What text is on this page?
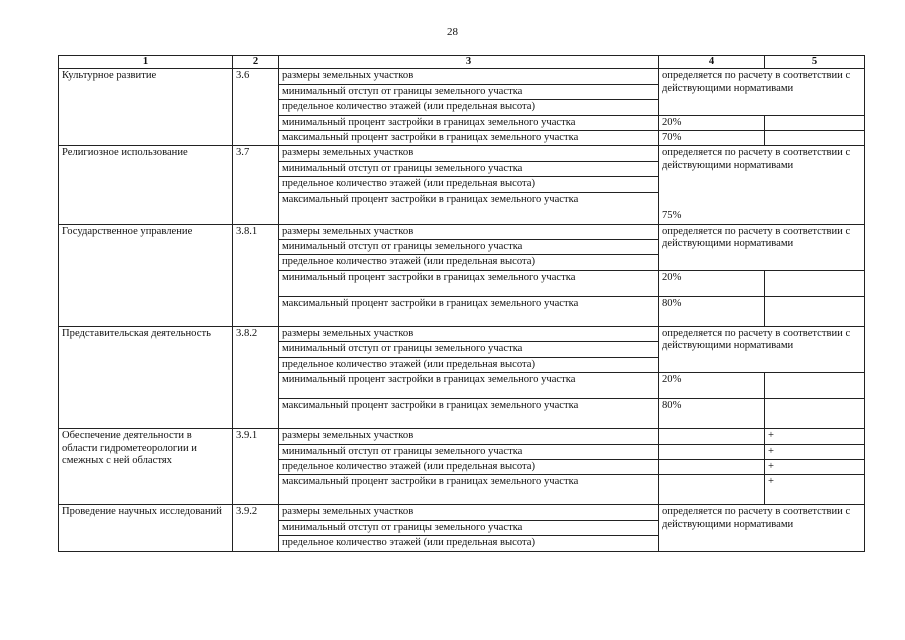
28
1	2	3	4	5
Культурное развитие	3.6	размеры земельных участков	определяется по расчету в соответствии с действующими нормативами	
		минимальный отступ от границы земельного участка		
		предельное количество этажей (или предельная высота)		
		минимальный процент застройки в границах земельного участка	20%	
		максимальный процент застройки в границах земельного участка	70%	
Религиозное использование	3.7	размеры земельных участков	определяется по расчету в соответствии с действующими нормативами	
		минимальный отступ от границы земельного участка		
		предельное количество этажей (или предельная высота)		
		максимальный процент застройки в границах земельного участка	75%	
Государственное управление	3.8.1	размеры земельных участков	определяется по расчету в соответствии с действующими нормативами	
		минимальный отступ от границы земельного участка		
		предельное количество этажей (или предельная высота)		
		минимальный процент застройки в границах земельного участка	20%	
		максимальный процент застройки в границах земельного участка	80%	
Представительская деятельность	3.8.2	размеры земельных участков	определяется по расчету в соответствии с действующими нормативами	
		минимальный отступ от границы земельного участка		
		предельное количество этажей (или предельная высота)		
		минимальный процент застройки в границах земельного участка	20%	
		максимальный процент застройки в границах земельного участка	80%	
Обеспечение деятельности в области гидрометеорологии и смежных с ней областях	3.9.1	размеры земельных участков		+
		минимальный отступ от границы земельного участка		+
		предельное количество этажей (или предельная высота)		+
		максимальный процент застройки в границах земельного участка		+
Проведение научных исследований	3.9.2	размеры земельных участков	определяется по расчету в соответствии с действующими нормативами	
		минимальный отступ от границы земельного участка		
		предельное количество этажей (или предельная высота)		
